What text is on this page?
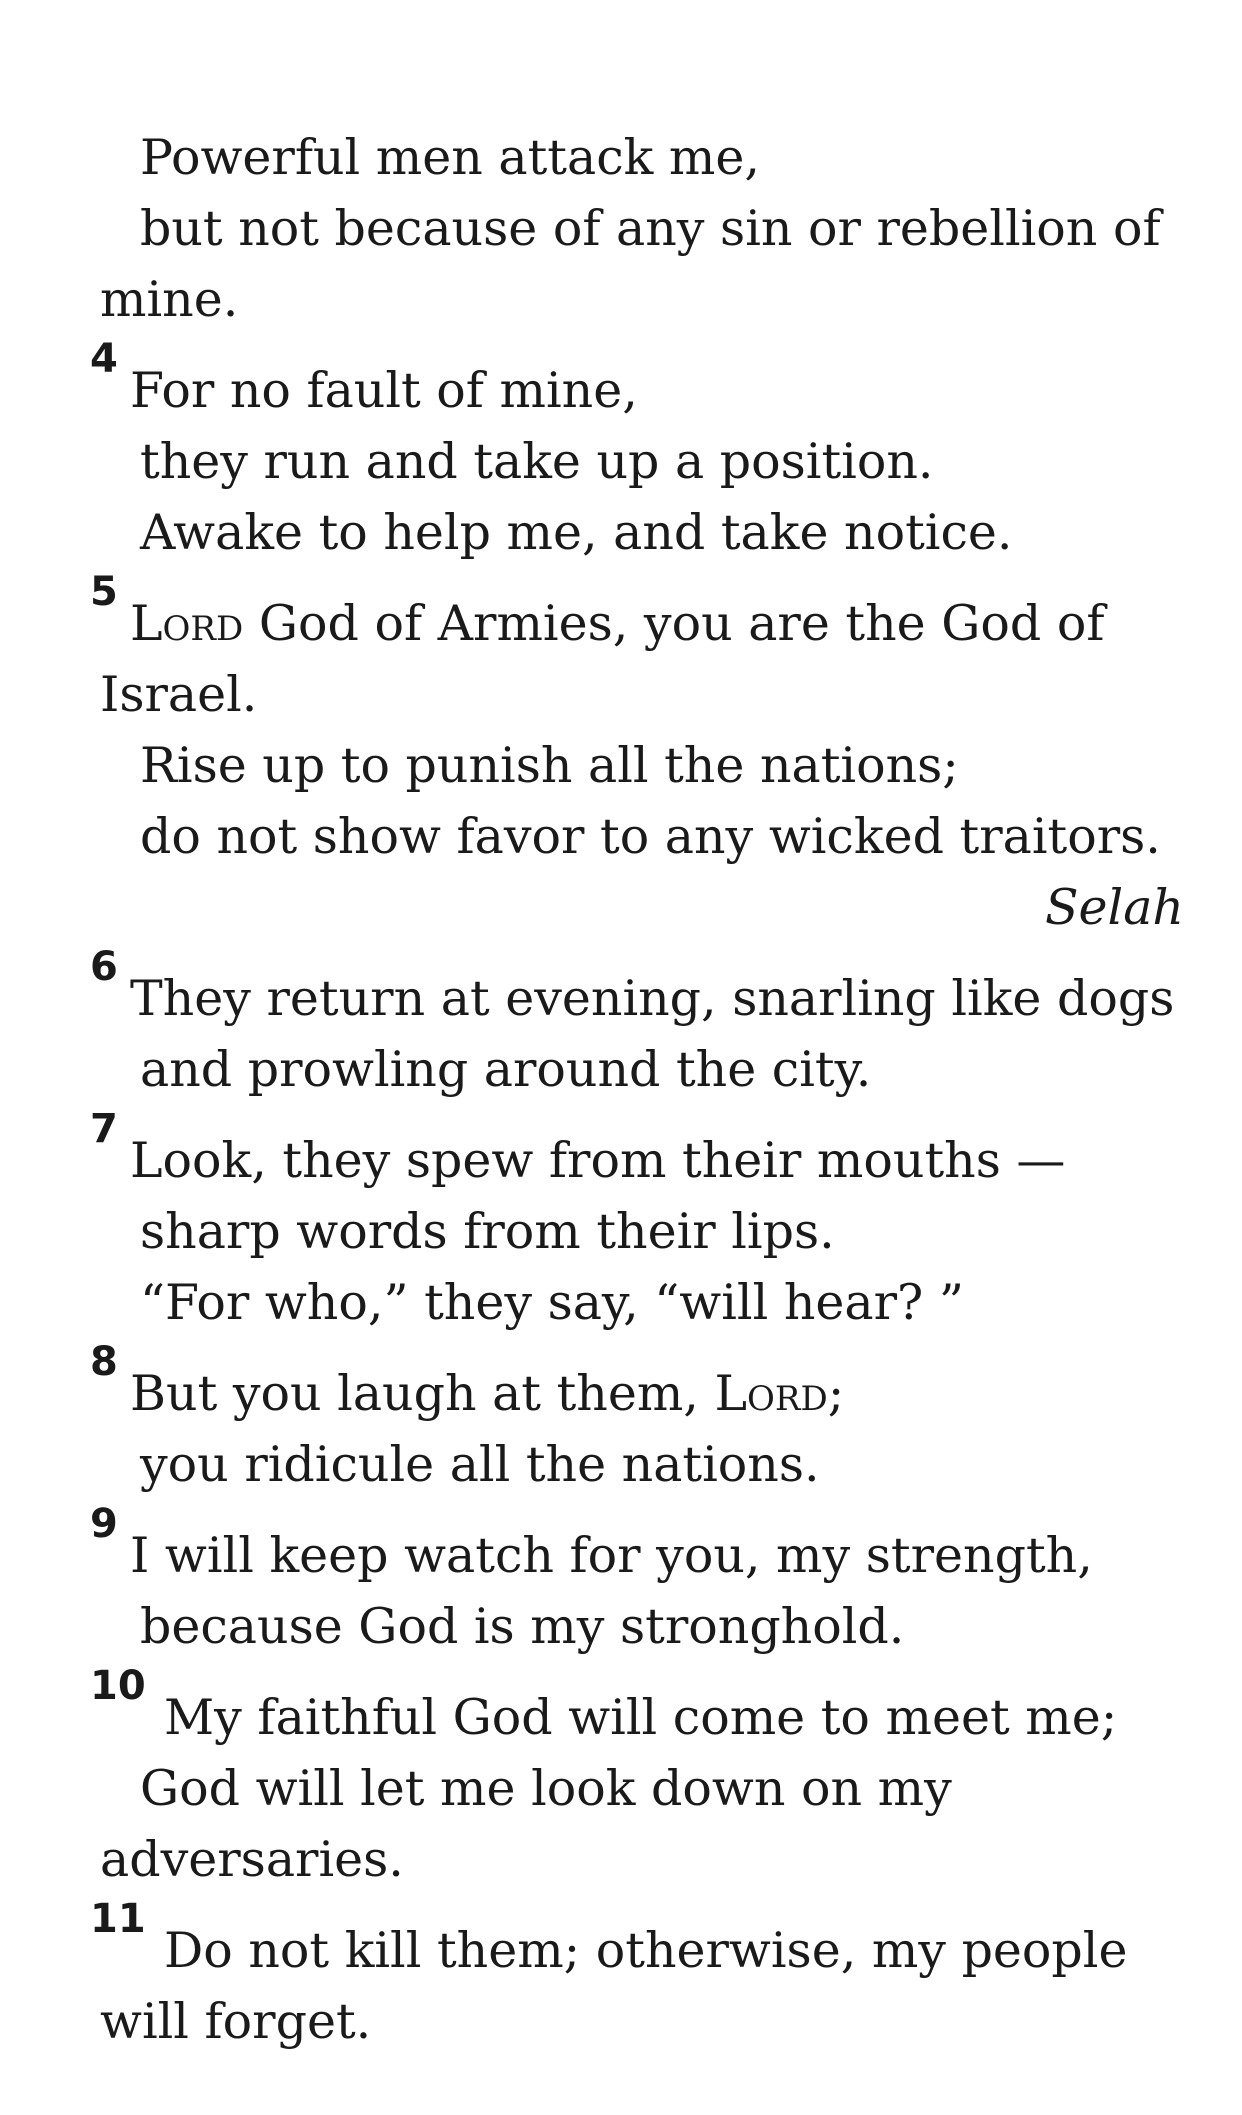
Powerful men attack me,
but not because of any sin or rebellion of
mine.
4
For no fault of mine,
they run and take up a position.
Awake to help me, and take notice.
5
Lord God of Armies, you are the God of
Israel.
Rise up to punish all the nations;
do not show favor to any wicked traitors.
Selah
6
They return at evening, snarling like dogs
and prowling around the city.
7
Look, they spew from their mouths —
sharp words from their lips.
“For who,” they say, “will hear? ”
8
But you laugh at them, Lord;
you ridicule all the nations.
9
I will keep watch for you, my strength,
because God is my stronghold.
10
My faithful God will come to meet me;
God will let me look down on my
adversaries.
11
Do not kill them; otherwise, my people
will forget.
